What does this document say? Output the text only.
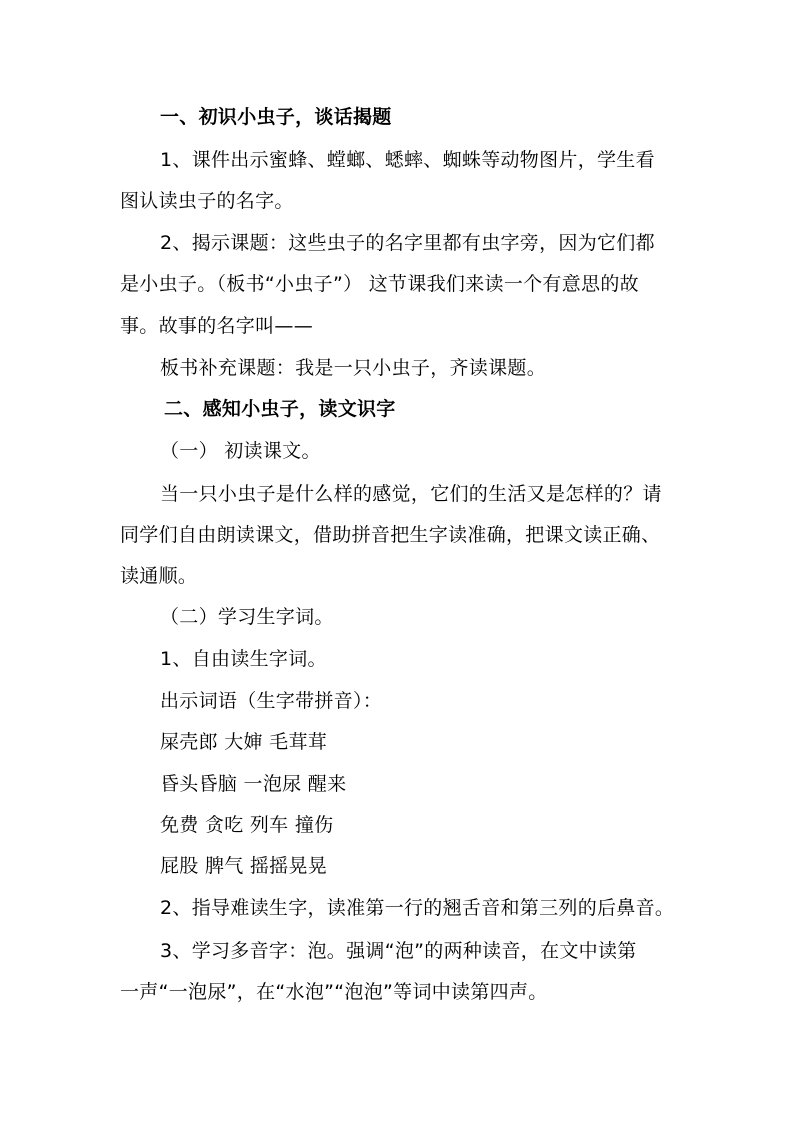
一、初识小虫子，谈话揭题
1、课件出示蜜蜂、螳螂、蟋蟀、蜘蛛等动物图片，学生看
图认读虫子的名字。
2、揭示课题：这些虫子的名字里都有虫字旁，因为它们都
是小虫子。（板书“小虫子”） 这节课我们来读一个有意思的故
事。故事的名字叫——
板书补充课题：我是一只小虫子，齐读课题。
二、感知小虫子，读文识字
（一） 初读课文。
当一只小虫子是什么样的感觉，它们的生活又是怎样的？请
同学们自由朗读课文，借助拼音把生字读准确，把课文读正确、
读通顺。
（二）学习生字词。
1、自由读生字词。
出示词语（生字带拼音）：
屎壳郎 大婶 毛茸茸
昏头昏脑 一泡尿 醒来
免费 贪吃 列车 撞伤
屁股 脾气 摇摇晃晃
2、指导难读生字，读准第一行的翘舌音和第三列的后鼻音。
3、学习多音字：泡。强调“泡”的两种读音，在文中读第
一声“一泡尿”，在“水泡”“泡泡”等词中读第四声。
